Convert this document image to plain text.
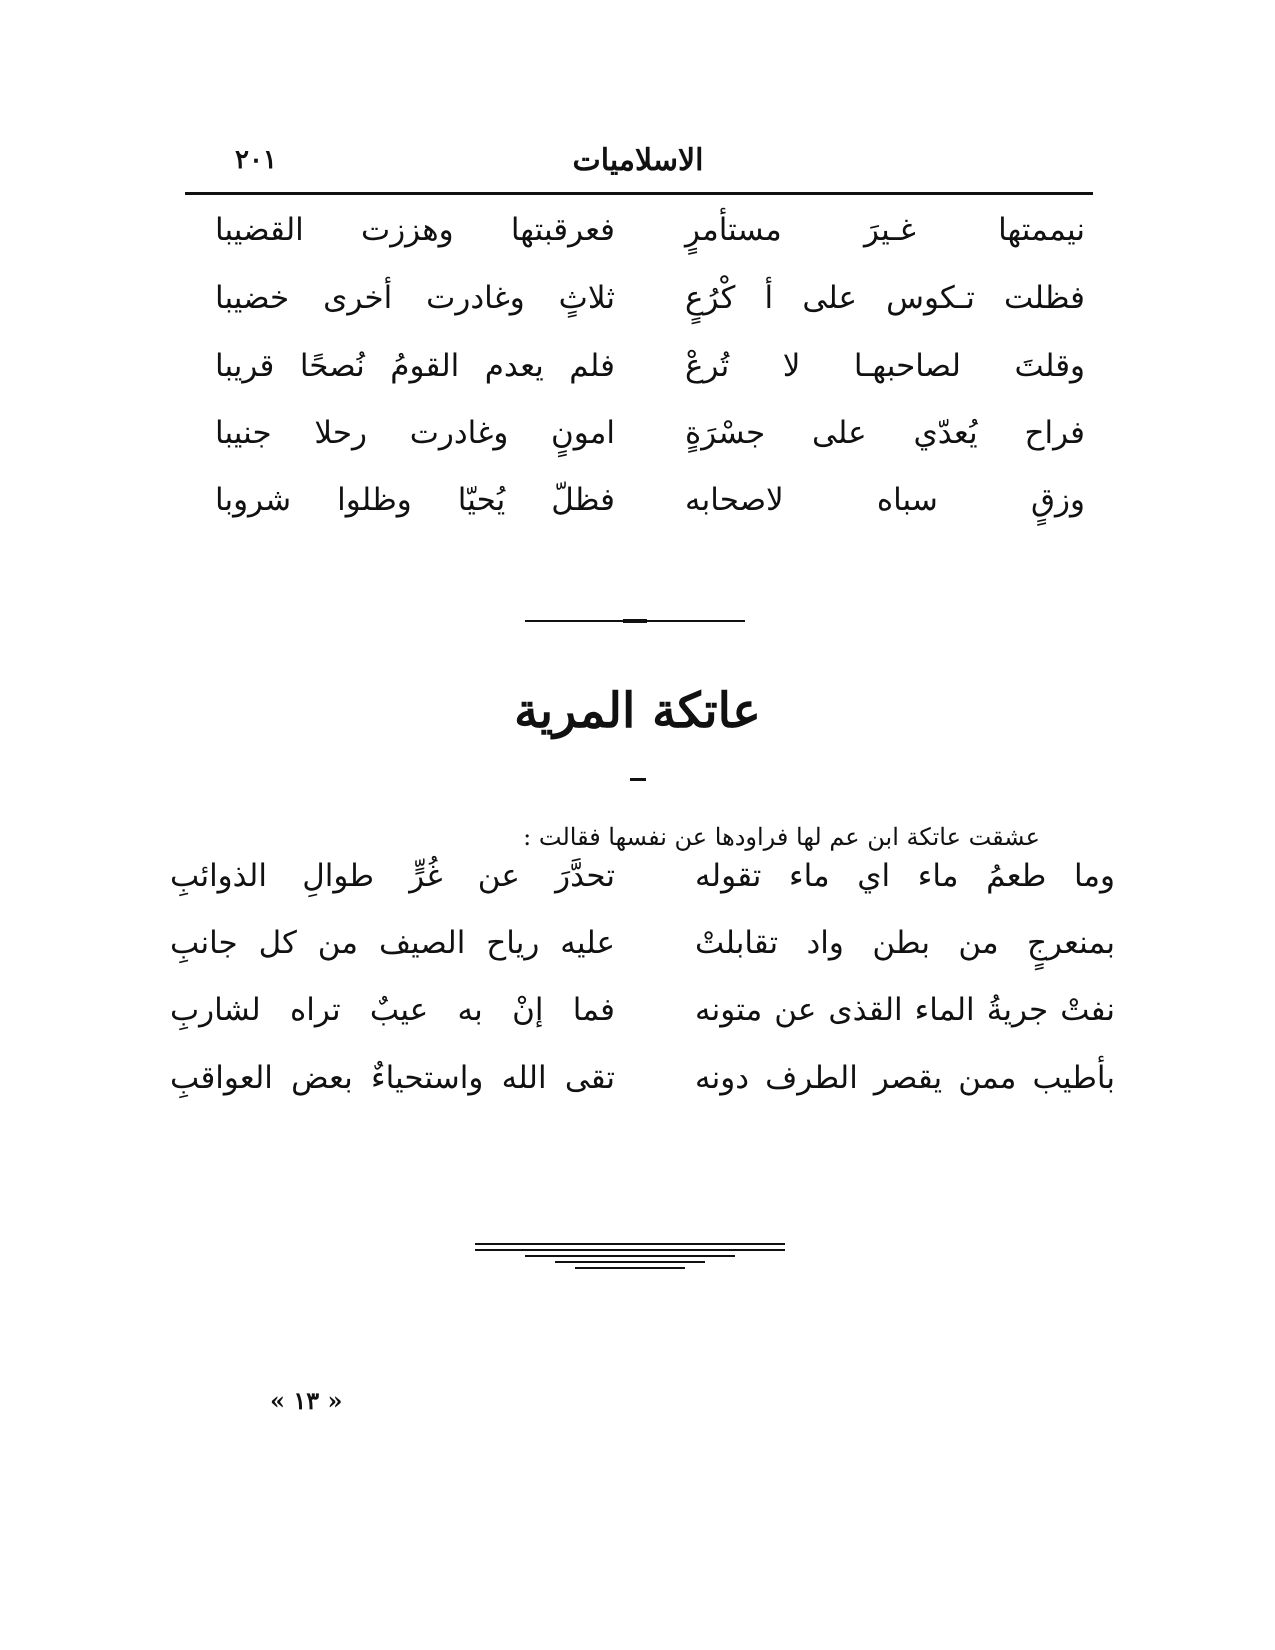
الاسلاميات
٢٠١
نيممتها غـيرَ مستأمرٍ
فعرقبتها وهززت القضيبا
فظلت تـكوس على أ كْرُعٍ
ثلاثٍ وغادرت أخرى خضيبا
وقلتَ لصاحبهـا لا تُرعْ
فلم يعدم القومُ نُصحًا قريبا
فراح يُعدّي على جسْرَةٍ
امونٍ وغادرت رحلا جنيبا
وزقٍ سباه لاصحابه
فظلّ يُحيّا وظلوا شروبا
عاتكة المرية
عشقت عاتكة ابن عم لها فراودها عن نفسها فقالت :
وما طعمُ ماء اي ماء تقوله
تحدَّرَ عن غُرٍّ طوالِ الذوائبِ
بمنعرجٍ من بطن واد تقابلتْ
عليه رياح الصيف من كل جانبِ
نفتْ جريةُ الماء القذى عن متونه
فما إنْ به عيبٌ تراه لشاربِ
بأطيب ممن يقصر الطرف دونه
تقى الله واستحياءٌ بعض العواقبِ
« ١٣ »
